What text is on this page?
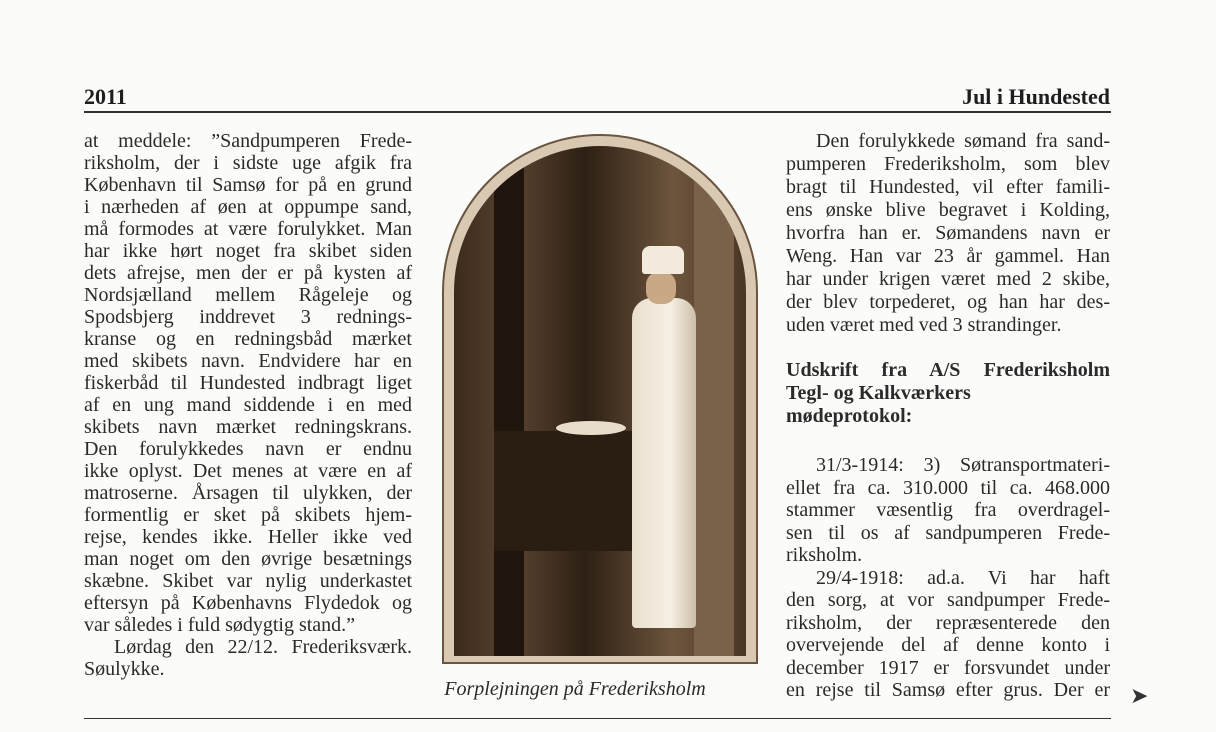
2011	Jul i Hundested
at meddele: ”Sandpumperen Frede-
riksholm, der i sidste uge afgik fra
København til Samsø for på en grund
i nærheden af øen at oppumpe sand,
må formodes at være forulykket. Man
har ikke hørt noget fra skibet siden
dets afrejse, men der er på kysten af
Nordsjælland mellem Rågeleje og
Spodsbjerg inddrevet 3 rednings-
kranse og en redningsbåd mærket
med skibets navn. Endvidere har en
fiskerbåd til Hundested indbragt liget
af en ung mand siddende i en med
skibets navn mærket redningskrans.
Den forulykkedes navn er endnu
ikke oplyst. Det menes at være en af
matroserne. Årsagen til ulykken, der
formentlig er sket på skibets hjem-
rejse, kendes ikke. Heller ikke ved
man noget om den øvrige besætnings
skæbne. Skibet var nylig underkastet
eftersyn på Københavns Flydedok og
var således i fuld sødygtig stand.”
Lørdag den 22/12. Frederiksværk.
Søulykke.
Forplejningen på Frederiksholm
Den forulykkede sømand fra sand-
pumperen Frederiksholm, som blev
bragt til Hundested, vil efter famili-
ens ønske blive begravet i Kolding,
hvorfra han er. Sømandens navn er
Weng. Han var 23 år gammel. Han
har under krigen været med 2 skibe,
der blev torpederet, og han har des-
uden været med ved 3 strandinger.
Udskrift fra A/S Frederiksholm
Tegl- og Kalkværkers
mødeprotokol:
31/3-1914: 3) Søtransportmateri-
ellet fra ca. 310.000 til ca. 468.000
stammer væsentlig fra overdragel-
sen til os af sandpumperen Frede-
riksholm.
29/4-1918: ad.a. Vi har haft
den sorg, at vor sandpumper Frede-
riksholm, der repræsenterede den
overvejende del af denne konto i
december 1917 er forsvundet under
en rejse til Samsø efter grus. Der er ➤
